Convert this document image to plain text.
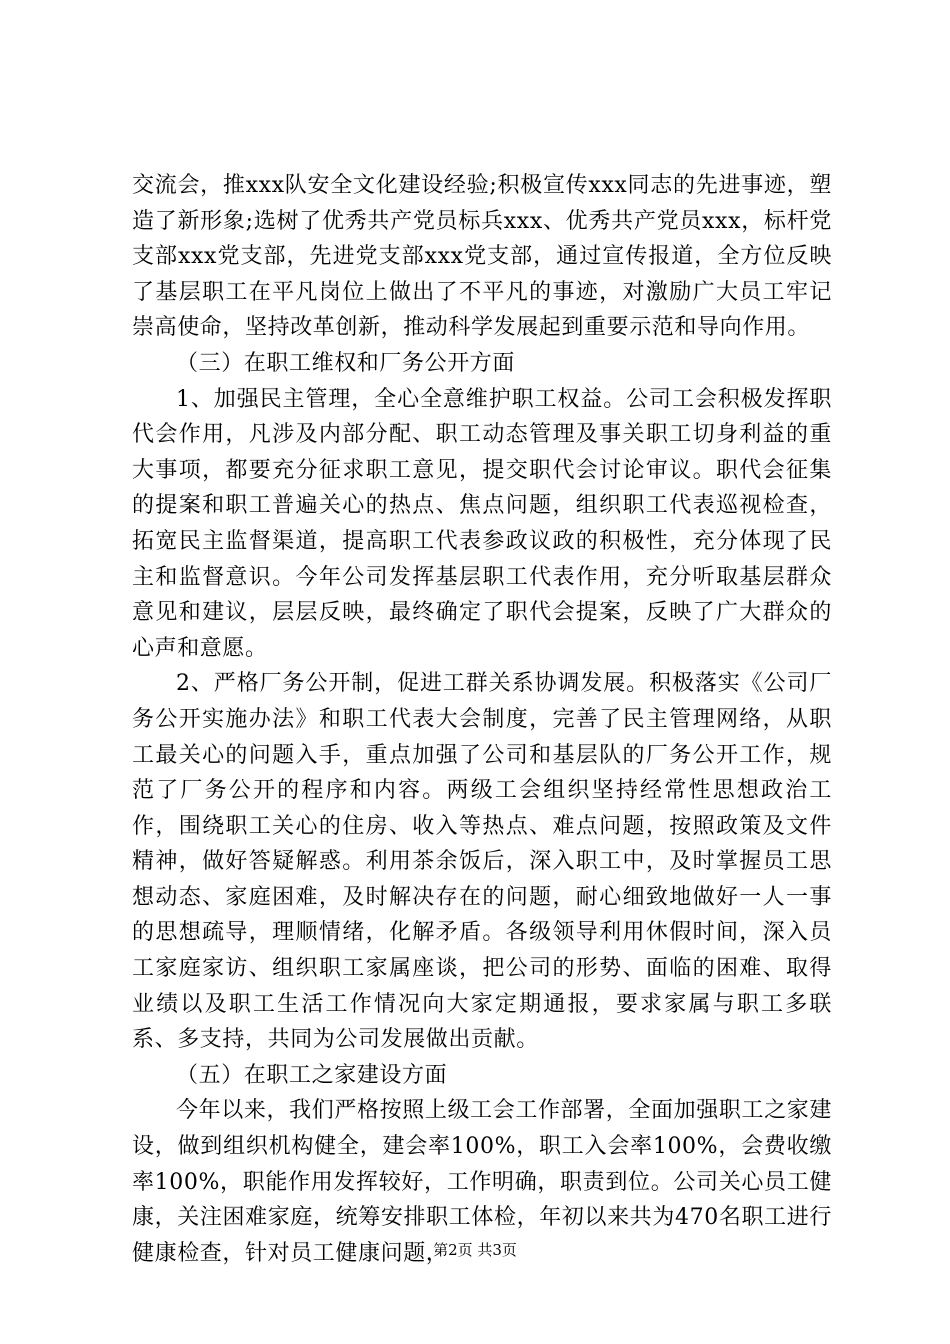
交流会，推xxx队安全文化建设经验;积极宣传xxx同志的先进事迹，塑造了新形象;选树了优秀共产党员标兵xxx、优秀共产党员xxx，标杆党支部xxx党支部，先进党支部xxx党支部，通过宣传报道，全方位反映了基层职工在平凡岗位上做出了不平凡的事迹，对激励广大员工牢记崇高使命，坚持改革创新，推动科学发展起到重要示范和导向作用。

（三）在职工维权和厂务公开方面

1、加强民主管理，全心全意维护职工权益。公司工会积极发挥职代会作用，凡涉及内部分配、职工动态管理及事关职工切身利益的重大事项，都要充分征求职工意见，提交职代会讨论审议。职代会征集的提案和职工普遍关心的热点、焦点问题，组织职工代表巡视检查，拓宽民主监督渠道，提高职工代表参政议政的积极性，充分体现了民主和监督意识。今年公司发挥基层职工代表作用，充分听取基层群众意见和建议，层层反映，最终确定了职代会提案，反映了广大群众的心声和意愿。

2、严格厂务公开制，促进工群关系协调发展。积极落实《公司厂务公开实施办法》和职工代表大会制度，完善了民主管理网络，从职工最关心的问题入手，重点加强了公司和基层队的厂务公开工作，规范了厂务公开的程序和内容。两级工会组织坚持经常性思想政治工作，围绕职工关心的住房、收入等热点、难点问题，按照政策及文件精神，做好答疑解惑。利用茶余饭后，深入职工中，及时掌握员工思想动态、家庭困难，及时解决存在的问题，耐心细致地做好一人一事的思想疏导，理顺情绪，化解矛盾。各级领导利用休假时间，深入员工家庭家访、组织职工家属座谈，把公司的形势、面临的困难、取得业绩以及职工生活工作情况向大家定期通报，要求家属与职工多联系、多支持，共同为公司发展做出贡献。

（五）在职工之家建设方面

今年以来，我们严格按照上级工会工作部署，全面加强职工之家建设，做到组织机构健全，建会率100%，职工入会率100%，会费收缴率100%，职能作用发挥较好，工作明确，职责到位。公司关心员工健康，关注困难家庭，统筹安排职工体检，年初以来共为470名职工进行健康检查，针对员工健康问题，

第2页 共3页
